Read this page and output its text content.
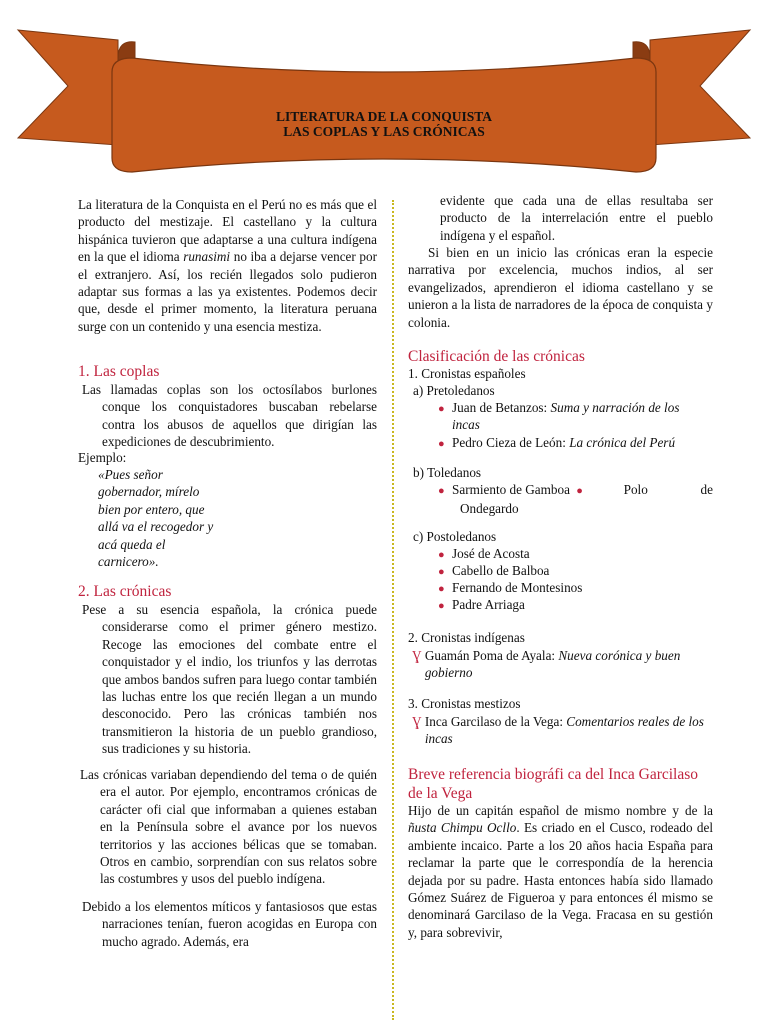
LITERATURA DE LA CONQUISTA
LAS COPLAS Y LAS CRÓNICAS

La literatura de la Conquista en el Perú no es más que el producto del mestizaje. El castellano y la cultura hispánica tuvieron que adaptarse a una cultura indígena en la que el idioma runasimi no iba a dejarse vencer por el extranjero. Así, los recién llegados solo pudieron adaptar sus formas a las ya existentes. Podemos decir que, desde el primer momento, la literatura peruana surge con un contenido y una esencia mestiza.

1. Las coplas

Las llamadas coplas son los octosílabos burlones conque los conquistadores buscaban rebelarse contra los abusos de aquellos que dirigían las expediciones de descubrimiento.

Ejemplo:
«Pues señor
gobernador, mírelo
bien por entero, que
allá va el recogedor y
acá queda el
carnicero».
2. Las crónicas

Pese a su esencia española, la crónica puede considerarse como el primer género mestizo. Recoge las emociones del combate entre el conquistador y el indio, los triunfos y las derrotas que ambos bandos sufren para luego contar también las luchas entre los que recién llegan a un mundo desconocido. Pero las crónicas también nos transmitieron la historia de un pueblo grandioso, sus tradiciones y su historia.

Las crónicas variaban dependiendo del tema o de quién era el autor. Por ejemplo, encontramos crónicas de carácter ofi cial que informaban a quienes estaban en la Península sobre el avance por los nuevos territorios y las acciones bélicas que se tomaban. Otros en cambio, sorprendían con sus relatos sobre las costumbres y usos del pueblo indígena.

Debido a los elementos míticos y fantasiosos que estas narraciones tenían, fueron acogidas en Europa con mucho agrado. Además, era

evidente que cada una de ellas resultaba ser producto de la interrelación entre el pueblo indígena y el español.

Si bien en un inicio las crónicas eran la especie narrativa por excelencia, muchos indios, al ser evangelizados, aprendieron el idioma castellano y se unieron a la lista de narradores de la época de conquista y colonia.

Clasificación de las crónicas
1. Cronistas españoles
a) Pretoledanos
● Juan de Betanzos: Suma y narración de los incas
● Pedro Cieza de León: La crónica del Perú
b) Toledanos
● Sarmiento de Gamboa ●	Polo                de
Ondegardo
c) Postoledanos
● José de Acosta
● Cabello de Balboa
● Fernando de Montesinos
● Padre Arriaga
2. Cronistas indígenas
Ɣ Guamán Poma de Ayala: Nueva corónica y buen gobierno
3. Cronistas mestizos
Ɣ Inca Garcilaso de la Vega: Comentarios reales de los incas
Breve referencia biográfi ca del Inca Garcilaso de la Vega

Hijo de un capitán español de mismo nombre y de la ñusta Chimpu Ocllo. Es criado en el Cusco, rodeado del ambiente incaico. Parte a los 20 años hacia España para reclamar la parte que le correspondía de la herencia dejada por su padre. Hasta entonces había sido llamado Gómez Suárez de Figueroa y para entonces él mismo se denominará Garcilaso de la Vega. Fracasa en su gestión y, para sobrevivir,
